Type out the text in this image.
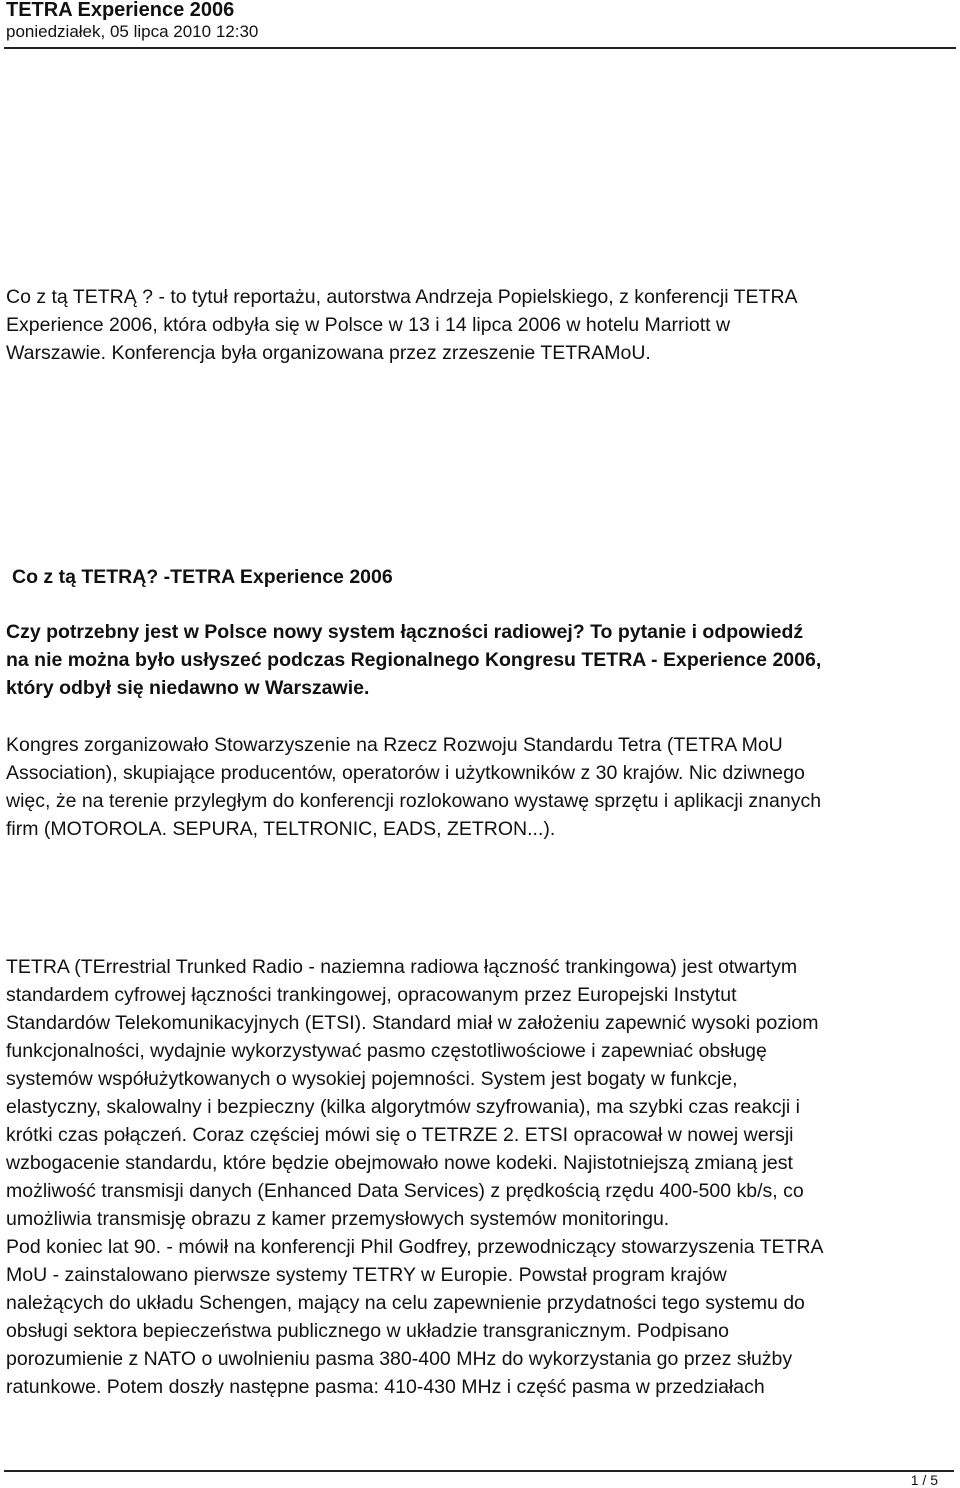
TETRA Experience 2006
poniedziałek, 05 lipca 2010 12:30
Co z tą TETRĄ ? - to tytuł reportażu, autorstwa Andrzeja Popielskiego, z konferencji TETRA
Experience 2006, która odbyła się w Polsce w 13 i 14 lipca 2006 w hotelu Marriott w
Warszawie. Konferencja była organizowana przez zrzeszenie TETRAMoU.
Co z tą TETRĄ? -TETRA Experience 2006
Czy potrzebny jest w Polsce nowy system łączności radiowej? To pytanie i odpowiedź
na nie można było usłyszeć podczas Regionalnego Kongresu TETRA - Experience 2006,
który odbył się niedawno w Warszawie.
Kongres zorganizowało Stowarzyszenie na Rzecz Rozwoju Standardu Tetra (TETRA MoU
Association), skupiające producentów, operatorów i użytkowników z 30 krajów. Nic dziwnego
więc, że na terenie przyległym do konferencji rozlokowano wystawę sprzętu i aplikacji znanych
firm (MOTOROLA. SEPURA, TELTRONIC, EADS, ZETRON...).
TETRA (TErrestrial Trunked Radio - naziemna radiowa łączność trankingowa) jest otwartym
standardem cyfrowej łączności trankingowej, opracowanym przez Europejski Instytut
Standardów Telekomunikacyjnych (ETSI). Standard miał w założeniu zapewnić wysoki poziom
funkcjonalności, wydajnie wykorzystywać pasmo częstotliwościowe i zapewniać obsługę
systemów współużytkowanych o wysokiej pojemności. System jest bogaty w funkcje,
elastyczny, skalowalny i bezpieczny (kilka algorytmów szyfrowania), ma szybki czas reakcji i
krótki czas połączeń. Coraz częściej mówi się o TETRZE 2. ETSI opracował w nowej wersji
wzbogacenie standardu, które będzie obejmowało nowe kodeki. Najistotniejszą zmianą jest
możliwość transmisji danych (Enhanced Data Services) z prędkością rzędu 400-500 kb/s, co
umożliwia transmisję obrazu z kamer przemysłowych systemów monitoringu.
Pod koniec lat 90. - mówił na konferencji Phil Godfrey, przewodniczący stowarzyszenia TETRA
MoU - zainstalowano pierwsze systemy TETRY w Europie. Powstał program krajów
należących do układu Schengen, mający na celu zapewnienie przydatności tego systemu do
obsługi sektora bepieczeństwa publicznego w układzie transgranicznym. Podpisano
porozumienie z NATO o uwolnieniu pasma 380-400 MHz do wykorzystania go przez służby
ratunkowe. Potem doszły następne pasma: 410-430 MHz i część pasma w przedziałach
1 / 5
